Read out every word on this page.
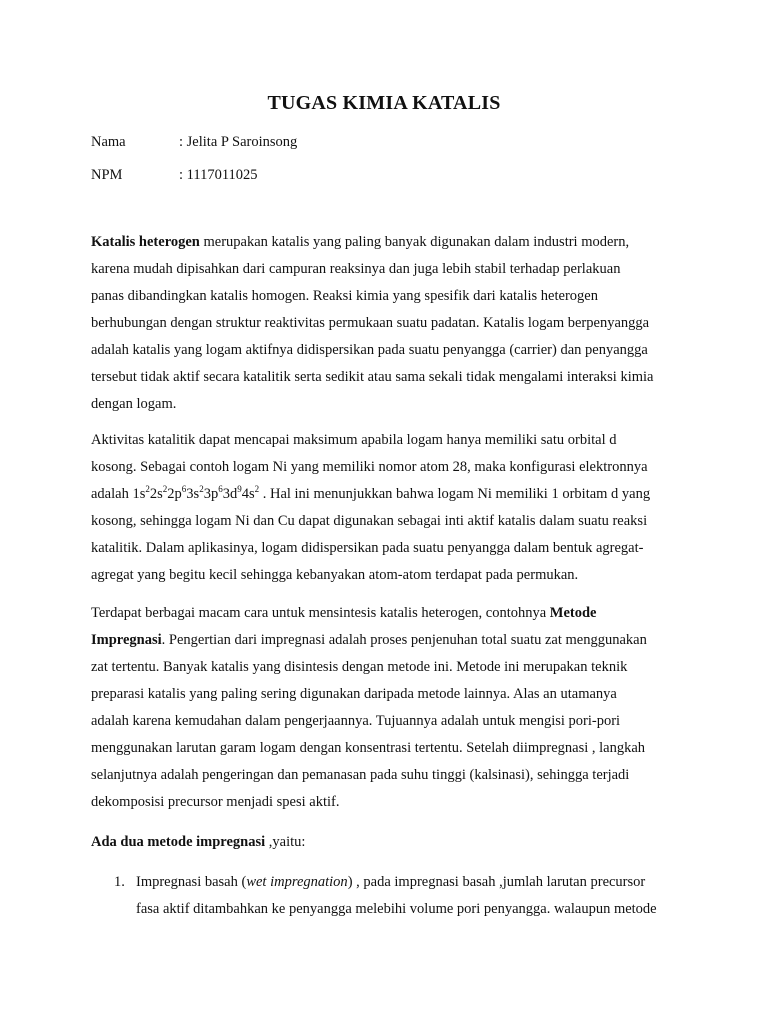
TUGAS KIMIA KATALIS
Nama	: Jelita P Saroinsong
NPM	: 1117011025
Katalis heterogen merupakan katalis yang paling banyak digunakan dalam industri modern,
karena mudah dipisahkan dari campuran reaksinya dan juga lebih stabil terhadap perlakuan
panas dibandingkan katalis homogen. Reaksi kimia yang spesifik dari katalis heterogen
berhubungan dengan struktur reaktivitas permukaan suatu padatan. Katalis logam berpenyangga
adalah katalis yang logam aktifnya didispersikan pada suatu penyangga (carrier) dan penyangga
tersebut tidak aktif secara katalitik serta sedikit atau sama sekali tidak mengalami interaksi kimia
dengan logam.
Aktivitas katalitik dapat mencapai maksimum apabila logam hanya memiliki satu orbital d
kosong. Sebagai contoh logam Ni yang memiliki nomor atom 28, maka konfigurasi elektronnya
adalah $1s^22s^22p^63s^23p^63d^94s^2$ . Hal ini menunjukkan bahwa logam Ni memiliki 1 orbitam d yang
kosong, sehingga logam Ni dan Cu dapat digunakan sebagai inti aktif katalis dalam suatu reaksi
katalitik. Dalam aplikasinya, logam didispersikan pada suatu penyangga dalam bentuk agregat-
agregat yang begitu kecil sehingga kebanyakan atom-atom terdapat pada permukan.
Terdapat berbagai macam cara untuk mensintesis katalis heterogen, contohnya Metode
Impregnasi. Pengertian dari impregnasi adalah proses penjenuhan total suatu zat menggunakan
zat tertentu. Banyak katalis yang disintesis dengan metode ini. Metode ini merupakan teknik
preparasi katalis yang paling sering digunakan daripada metode lainnya. Alas an utamanya
adalah karena kemudahan dalam pengerjaannya. Tujuannya adalah untuk mengisi pori-pori
menggunakan larutan garam logam dengan konsentrasi tertentu. Setelah diimpregnasi , langkah
selanjutnya adalah pengeringan dan pemanasan pada suhu tinggi (kalsinasi), sehingga terjadi
dekomposisi precursor menjadi spesi aktif.
Ada dua metode impregnasi ,yaitu:
1. Impregnasi basah (wet impregnation) , pada impregnasi basah ,jumlah larutan precursor
fasa aktif ditambahkan ke penyangga melebihi volume pori penyangga. walaupun metode
